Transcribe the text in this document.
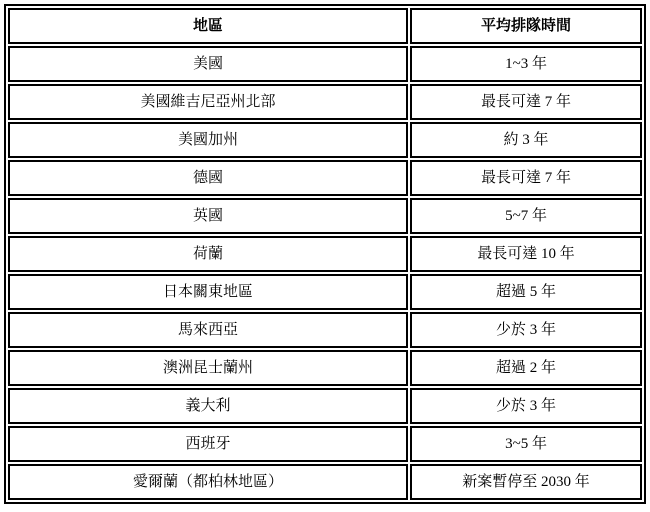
地區	平均排隊時間
美國	1~3 年
美國維吉尼亞州北部	最長可達 7 年
美國加州	約 3 年
德國	最長可達 7 年
英國	5~7 年
荷蘭	最長可達 10 年
日本關東地區	超過 5 年
馬來西亞	少於 3 年
澳洲昆士蘭州	超過 2 年
義大利	少於 3 年
西班牙	3~5 年
愛爾蘭（都柏林地區）	新案暫停至 2030 年
